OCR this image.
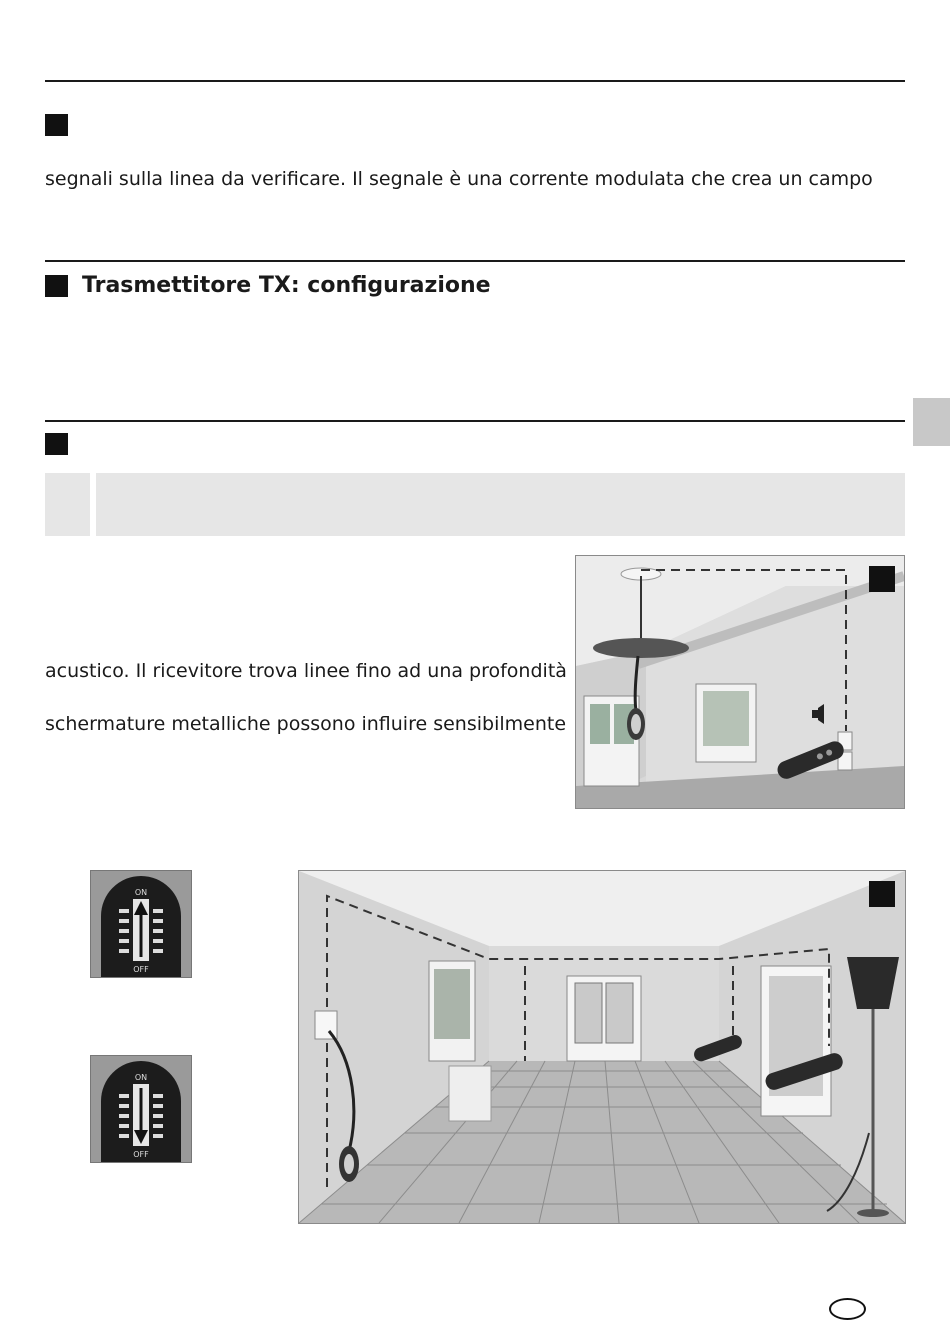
segnali sulla linea da verificare. Il segnale è una corrente modulata che crea un campo
Trasmettitore TX: configurazione
acustico. Il ricevitore trova linee fino ad una profondità
schermature metalliche possono influire sensibilmente
ON
OFF
ON
OFF
